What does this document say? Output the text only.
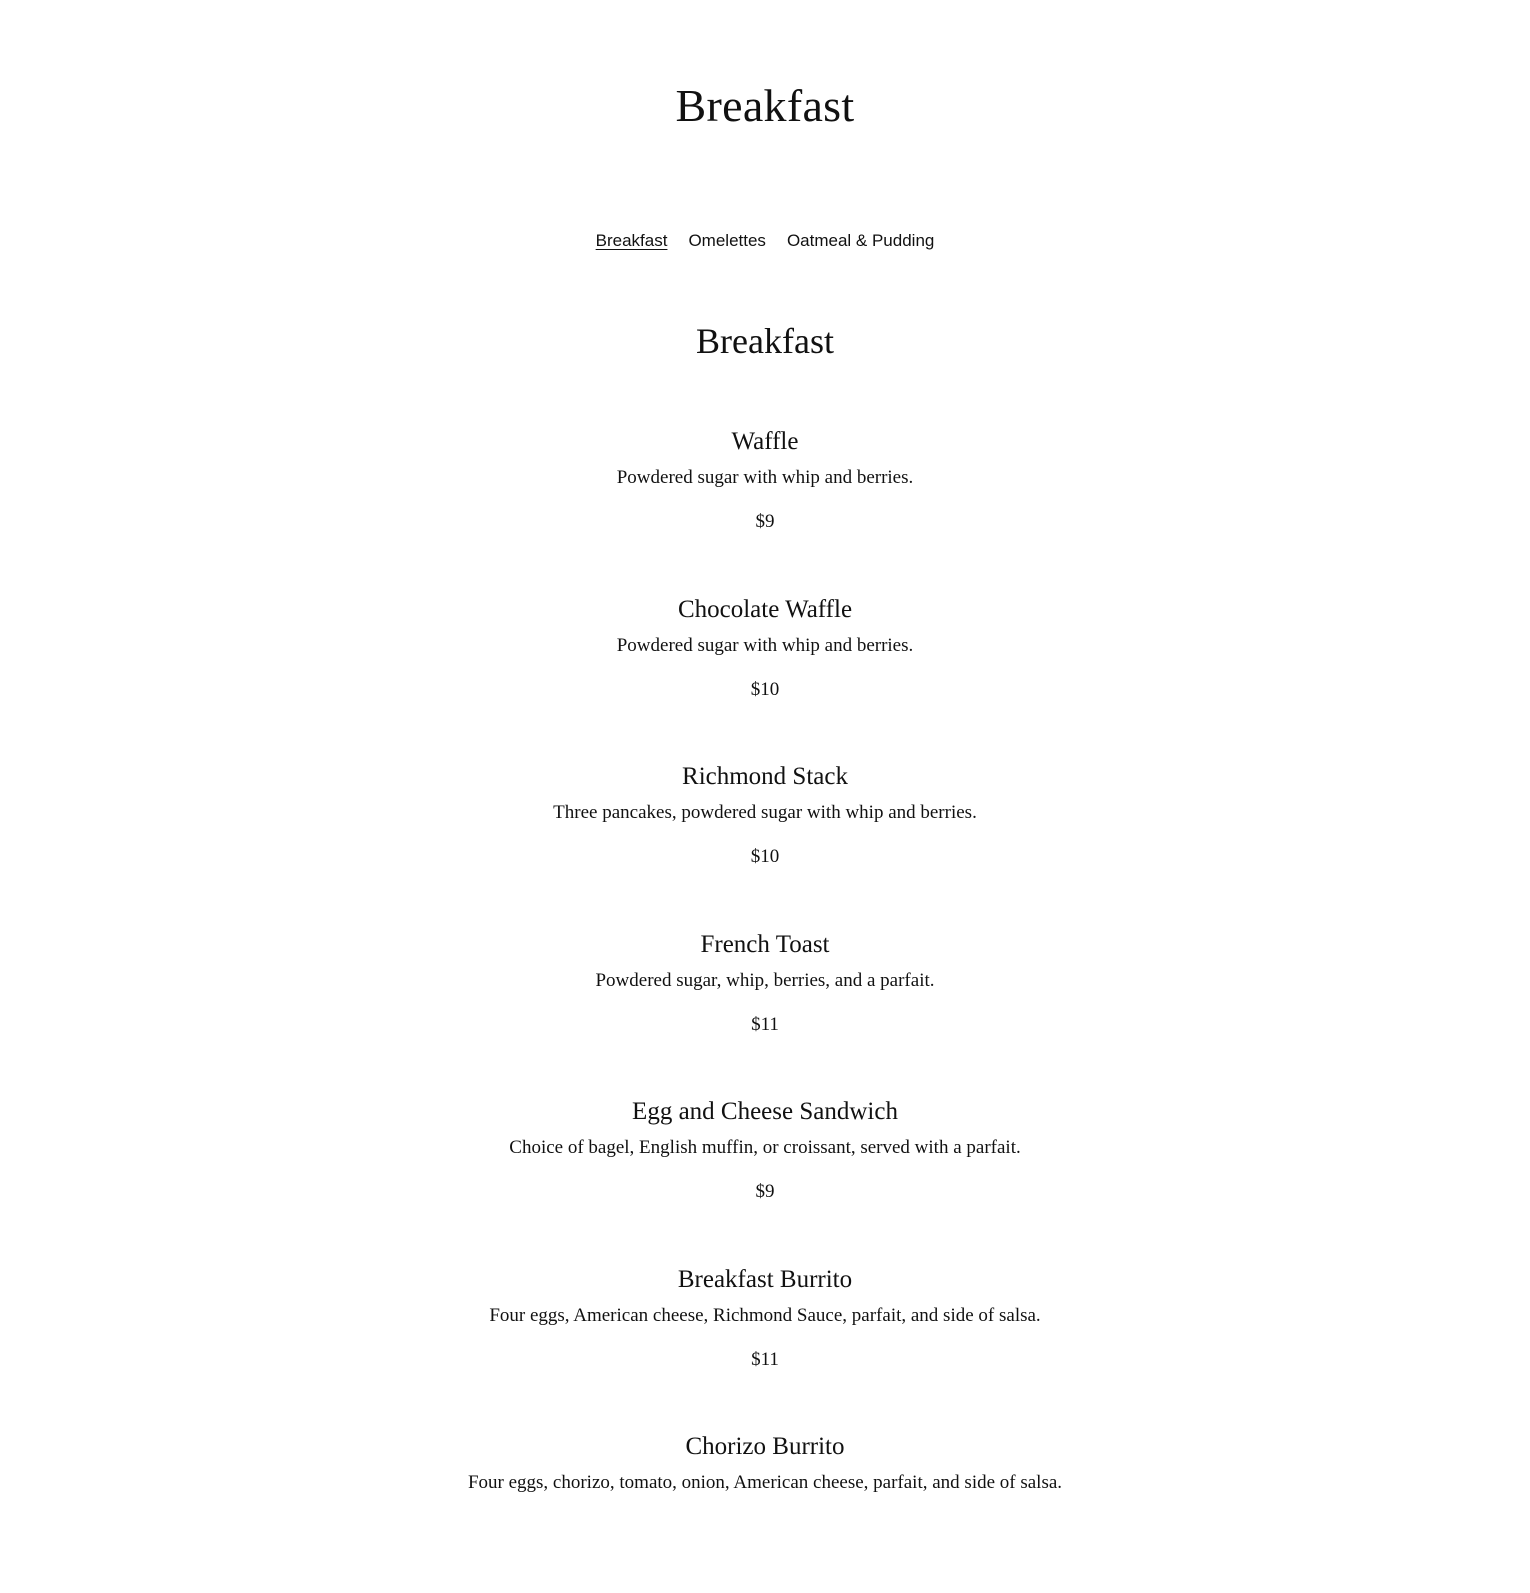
Breakfast
Breakfast Omelettes Oatmeal & Pudding
Breakfast
Waffle
Powdered sugar with whip and berries.
$9
Chocolate Waffle
Powdered sugar with whip and berries.
$10
Richmond Stack
Three pancakes, powdered sugar with whip and berries.
$10
French Toast
Powdered sugar, whip, berries, and a parfait.
$11
Egg and Cheese Sandwich
Choice of bagel, English muffin, or croissant, served with a parfait.
$9
Breakfast Burrito
Four eggs, American cheese, Richmond Sauce, parfait, and side of salsa.
$11
Chorizo Burrito
Four eggs, chorizo, tomato, onion, American cheese, parfait, and side of salsa.
